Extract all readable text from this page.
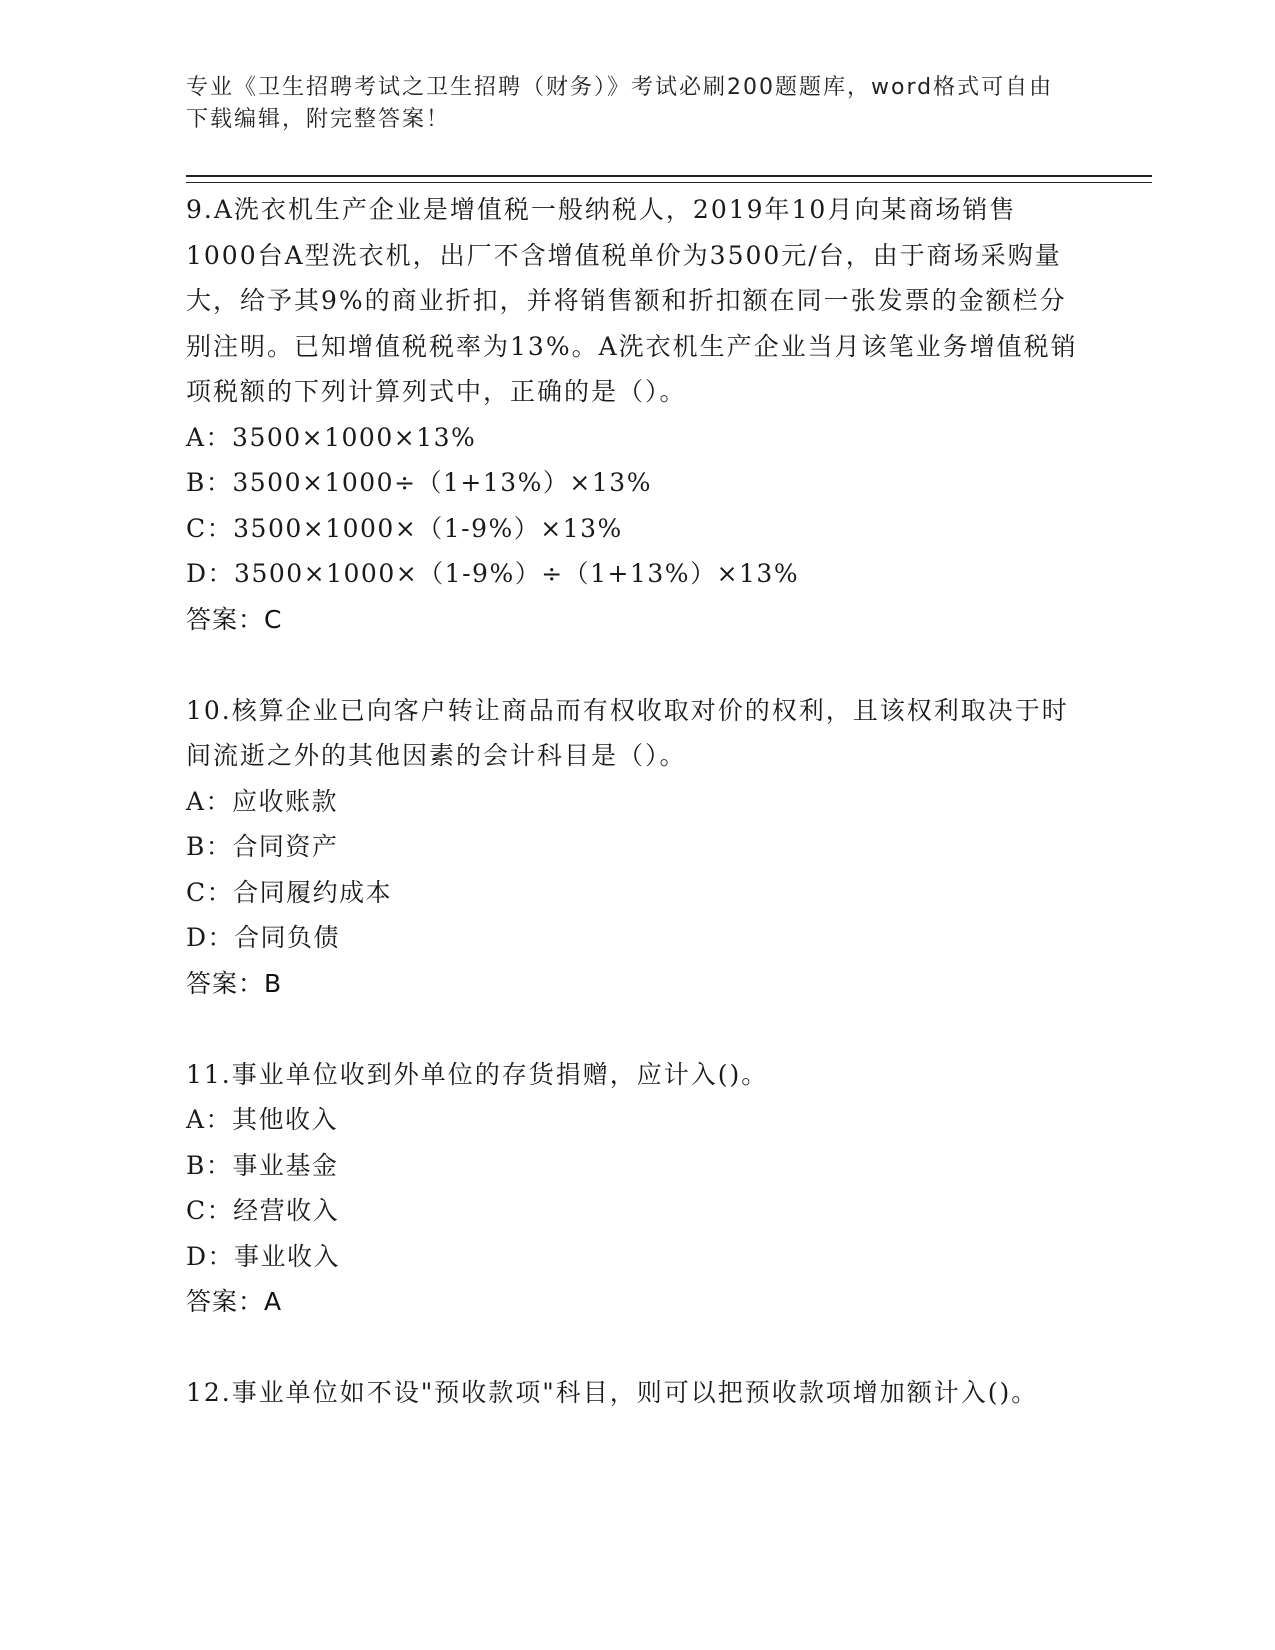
专业《卫生招聘考试之卫生招聘（财务）》考试必刷200题题库，word格式可自由下载编辑，附完整答案！
9.A洗衣机生产企业是增值税一般纳税人，2019年10月向某商场销售1000台A型洗衣机，出厂不含增值税单价为3500元/台，由于商场采购量大，给予其9%的商业折扣，并将销售额和折扣额在同一张发票的金额栏分别注明。已知增值税税率为13%。A洗衣机生产企业当月该笔业务增值税销项税额的下列计算列式中，正确的是（）。
A：3500×1000×13%
B：3500×1000÷（1+13%）×13%
C：3500×1000×（1-9%）×13%
D：3500×1000×（1-9%）÷（1+13%）×13%
答案：C
10.核算企业已向客户转让商品而有权收取对价的权利，且该权利取决于时间流逝之外的其他因素的会计科目是（）。
A：应收账款
B：合同资产
C：合同履约成本
D：合同负债
答案：B
11.事业单位收到外单位的存货捐赠，应计入()。
A：其他收入
B：事业基金
C：经营收入
D：事业收入
答案：A
12.事业单位如不设"预收款项"科目，则可以把预收款项增加额计入()。
